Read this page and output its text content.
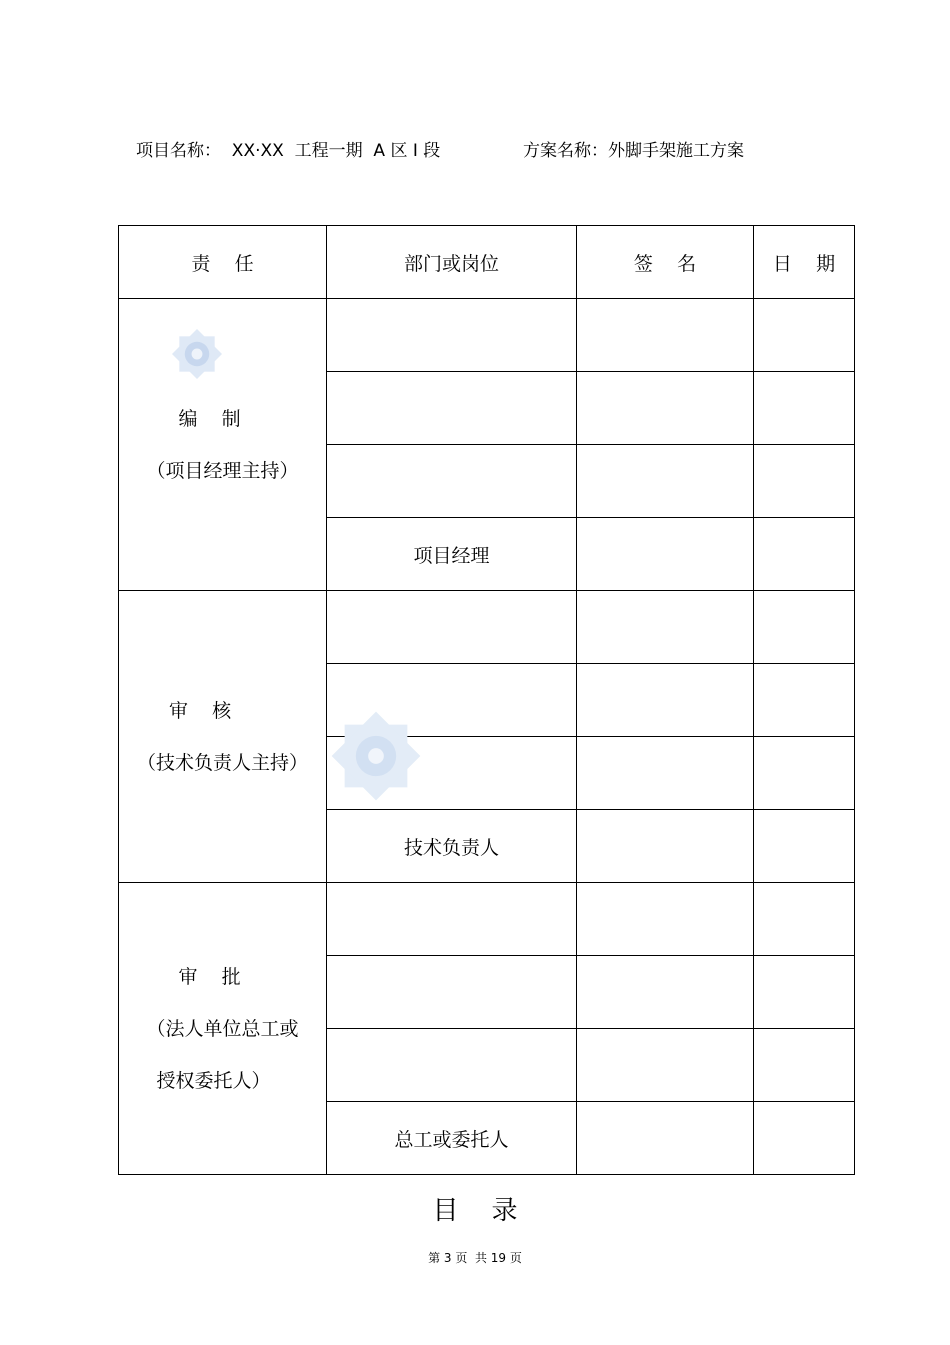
项目名称：  XX·XX  工程一期  A 区 I 段	方案名称：外脚手架施工方案
责    任	部门或岗位	签    名	日    期

编    制
（项目经理主持）			

	项目经理		

审    核
（技术负责人主持）			

	技术负责人		

审    批
（法人单位总工或
授权委托人）			

	总工或委托人		
目    录
第 3 页  共 19 页
